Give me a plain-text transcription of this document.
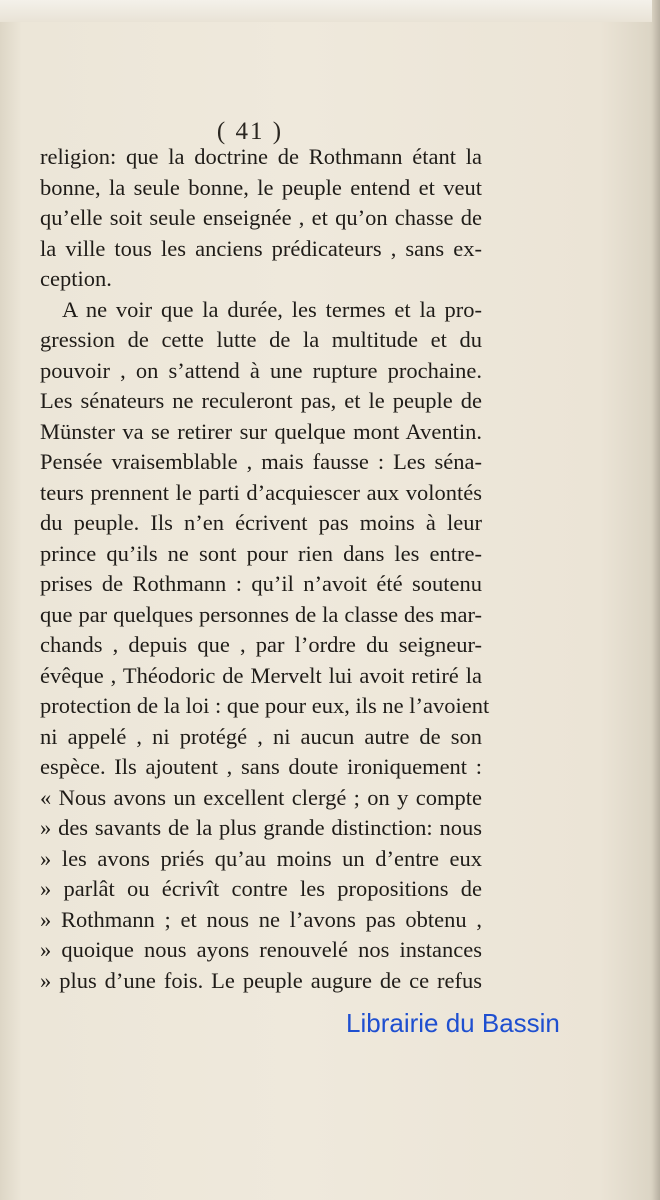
( 41 )
religion: que la doctrine de Rothmann étant la
bonne, la seule bonne, le peuple entend et veut
qu’elle soit seule enseignée , et qu’on chasse de
la ville tous les anciens prédicateurs , sans ex-
ception.
A ne voir que la durée, les termes et la pro-
gression de cette lutte de la multitude et du
pouvoir , on s’attend à une rupture prochaine.
Les sénateurs ne reculeront pas, et le peuple de
Münster va se retirer sur quelque mont Aventin.
Pensée vraisemblable , mais fausse : Les séna-
teurs prennent le parti d’acquiescer aux volontés
du peuple. Ils n’en écrivent pas moins à leur
prince qu’ils ne sont pour rien dans les entre-
prises de Rothmann : qu’il n’avoit été soutenu
que par quelques personnes de la classe des mar-
chands , depuis que , par l’ordre du seigneur-
évêque , Théodoric de Mervelt lui avoit retiré la
protection de la loi : que pour eux, ils ne l’avoient
ni appelé , ni protégé , ni aucun autre de son
espèce. Ils ajoutent , sans doute ironiquement :
« Nous avons un excellent clergé ; on y compte
» des savants de la plus grande distinction: nous
» les avons priés qu’au moins un d’entre eux
» parlât ou écrivît contre les propositions de
» Rothmann ; et nous ne l’avons pas obtenu ,
» quoique nous ayons renouvelé nos instances
» plus d’une fois. Le peuple augure de ce refus
Librairie du Bassin
